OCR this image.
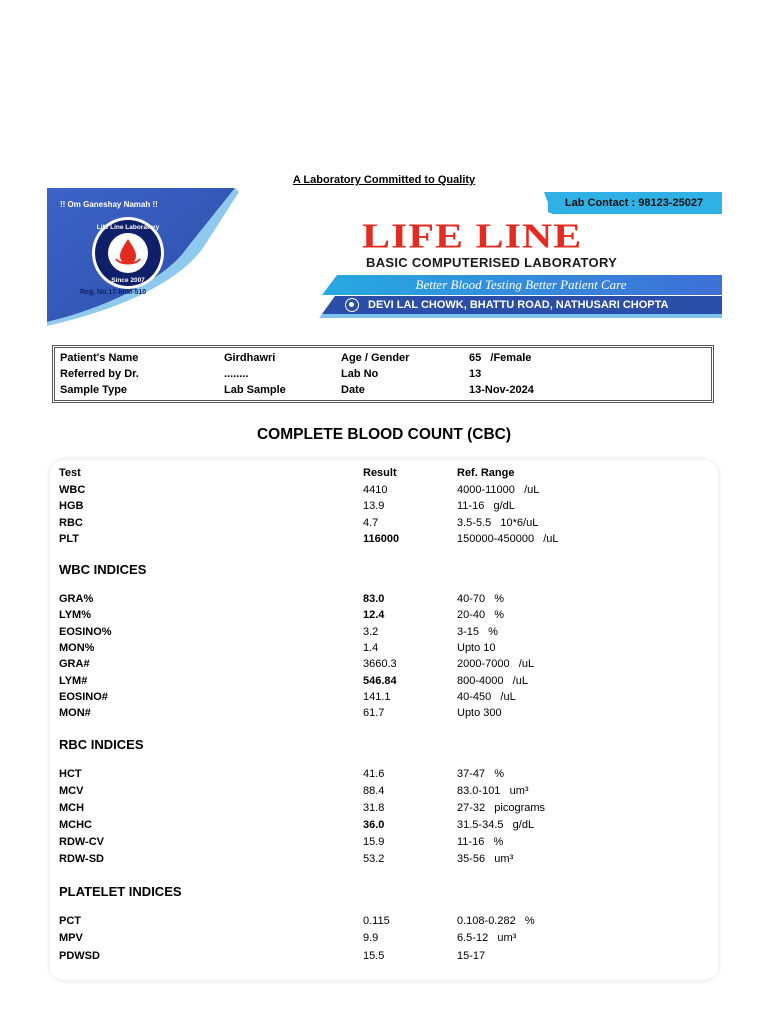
A Laboratory Committed to Quality
!! Om Ganeshay Namah !!
Life Line Laboratory
Since 2007
Reg. No.17-MIM-510
Lab Contact : 98123-25027
LIFE LINE
BASIC COMPUTERISED LABORATORY
Better Blood Testing Better Patient Care
DEVI LAL CHOWK, BHATTU ROAD, NATHUSARI CHOPTA
Patient's Name	Girdhawri	Age / Gender	65   /Female
Referred by Dr.	........	Lab No	13
Sample Type	Lab Sample	Date	13-Nov-2024
COMPLETE BLOOD COUNT (CBC)
Test	Result	Ref. Range
WBC INDICES
RBC INDICES
PLATELET INDICES
WBC	4410	4000-11000   /uL
HGB	13.9	11-16   g/dL
RBC	4.7	3.5-5.5   10*6/uL
PLT	116000	150000-450000   /uL
GRA%	83.0	40-70   %
LYM%	12.4	20-40   %
EOSINO%	3.2	3-15   %
MON%	1.4	Upto 10
GRA#	3660.3	2000-7000   /uL
LYM#	546.84	800-4000   /uL
EOSINO#	141.1	40-450   /uL
MON#	61.7	Upto 300
HCT	41.6	37-47   %
MCV	88.4	83.0-101   um³
MCH	31.8	27-32   picograms
MCHC	36.0	31.5-34.5   g/dL
RDW-CV	15.9	11-16   %
RDW-SD	53.2	35-56   um³
PCT	0.115	0.108-0.282   %
MPV	9.9	6.5-12   um³
PDWSD	15.5	15-17
